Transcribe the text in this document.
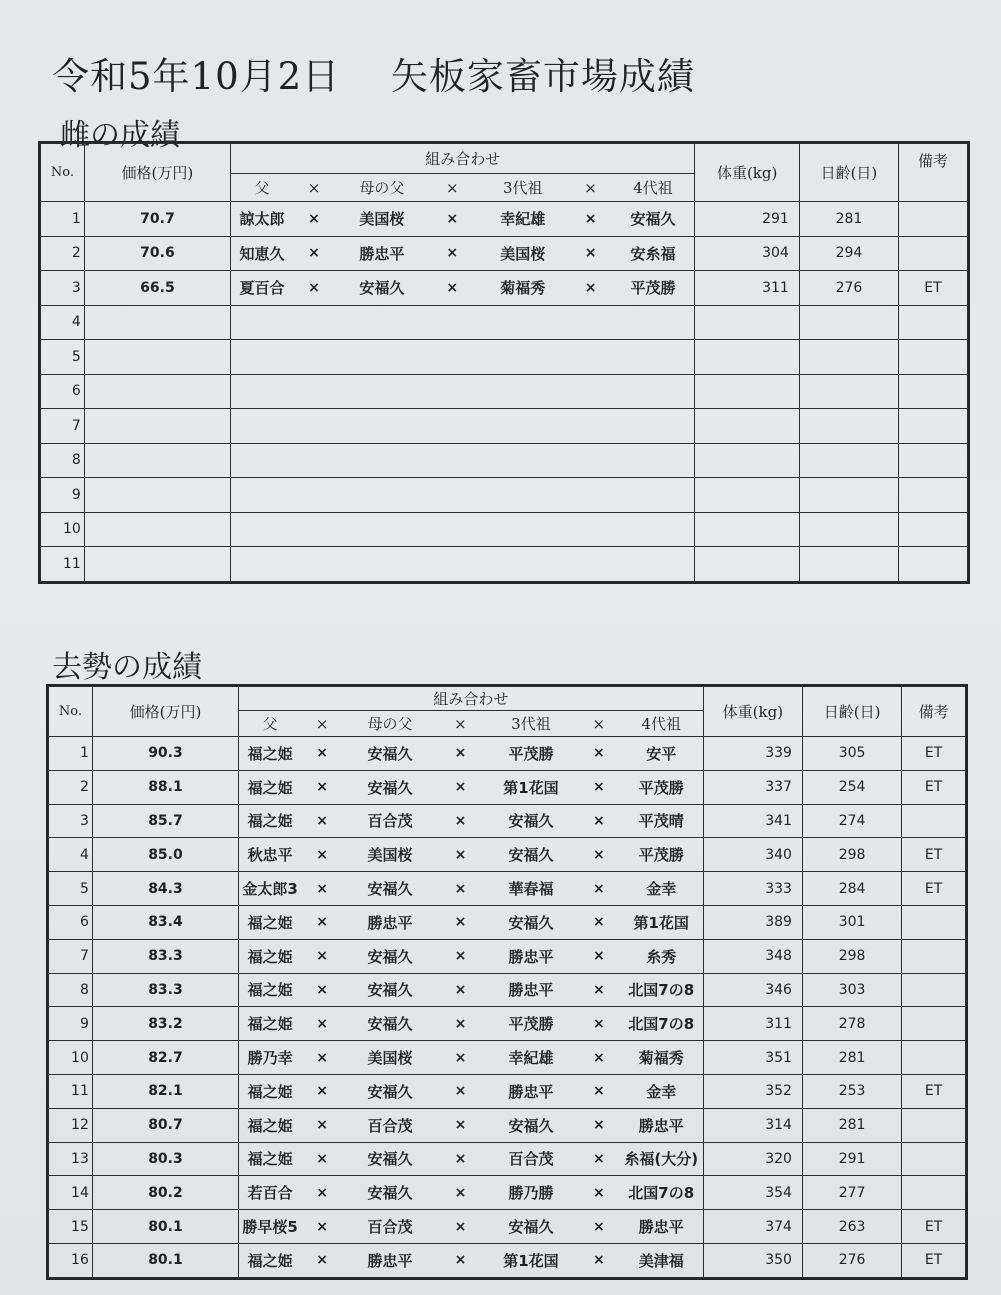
令和5年10月2日　 矢板家畜市場成績
雌の成績
No.	価格(万円)	組み合わせ							体重(kg)	日齢(日)	備考
		父	×	母の父	×	3代祖	×	4代祖			
1	70.7	諒太郎	×	美国桜	×	幸紀雄	×	安福久	291	281	
2	70.6	知恵久	×	勝忠平	×	美国桜	×	安糸福	304	294	
3	66.5	夏百合	×	安福久	×	菊福秀	×	平茂勝	311	276	ET
4											
5											
6											
7											
8											
9											
10											
11											
去勢の成績
No.	価格(万円)	組み合わせ							体重(kg)	日齢(日)	備考
		父	×	母の父	×	3代祖	×	4代祖			
1	90.3	福之姫	×	安福久	×	平茂勝	×	安平	339	305	ET
2	88.1	福之姫	×	安福久	×	第1花国	×	平茂勝	337	254	ET
3	85.7	福之姫	×	百合茂	×	安福久	×	平茂晴	341	274	
4	85.0	秋忠平	×	美国桜	×	安福久	×	平茂勝	340	298	ET
5	84.3	金太郎3	×	安福久	×	華春福	×	金幸	333	284	ET
6	83.4	福之姫	×	勝忠平	×	安福久	×	第1花国	389	301	
7	83.3	福之姫	×	安福久	×	勝忠平	×	糸秀	348	298	
8	83.3	福之姫	×	安福久	×	勝忠平	×	北国7の8	346	303	
9	83.2	福之姫	×	安福久	×	平茂勝	×	北国7の8	311	278	
10	82.7	勝乃幸	×	美国桜	×	幸紀雄	×	菊福秀	351	281	
11	82.1	福之姫	×	安福久	×	勝忠平	×	金幸	352	253	ET
12	80.7	福之姫	×	百合茂	×	安福久	×	勝忠平	314	281	
13	80.3	福之姫	×	安福久	×	百合茂	×	糸福(大分)	320	291	
14	80.2	若百合	×	安福久	×	勝乃勝	×	北国7の8	354	277	
15	80.1	勝早桜5	×	百合茂	×	安福久	×	勝忠平	374	263	ET
16	80.1	福之姫	×	勝忠平	×	第1花国	×	美津福	350	276	ET
